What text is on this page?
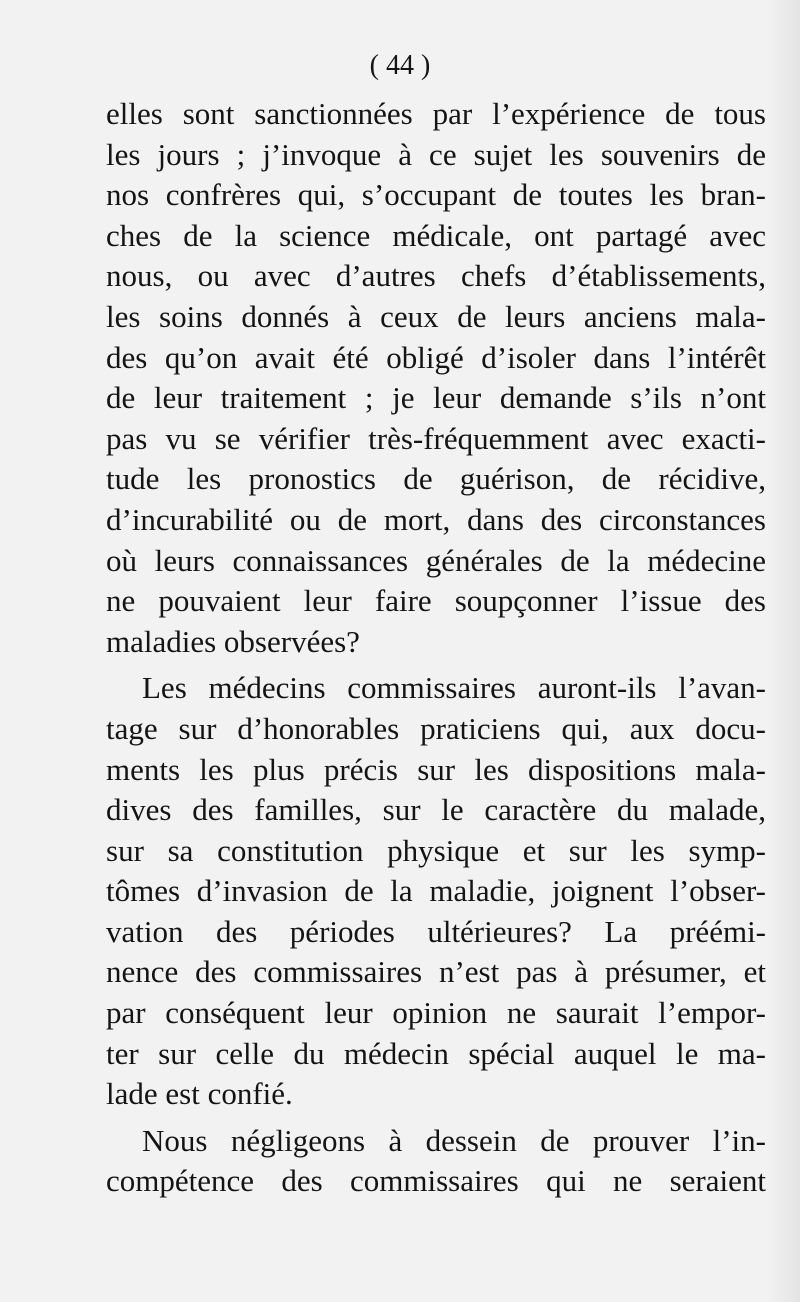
( 44 )
elles sont sanctionnées par l’expérience de tous
les jours ; j’invoque à ce sujet les souvenirs de
nos confrères qui, s’occupant de toutes les bran-
ches de la science médicale, ont partagé avec
nous, ou avec d’autres chefs d’établissements,
les soins donnés à ceux de leurs anciens mala-
des qu’on avait été obligé d’isoler dans l’intérêt
de leur traitement ; je leur demande s’ils n’ont
pas vu se vérifier très-fréquemment avec exacti-
tude les pronostics de guérison, de récidive,
d’incurabilité ou de mort, dans des circonstances
où leurs connaissances générales de la médecine
ne pouvaient leur faire soupçonner l’issue des
maladies observées?
Les médecins commissaires auront-ils l’avan-
tage sur d’honorables praticiens qui, aux docu-
ments les plus précis sur les dispositions mala-
dives des familles, sur le caractère du malade,
sur sa constitution physique et sur les symp-
tômes d’invasion de la maladie, joignent l’obser-
vation des périodes ultérieures? La préémi-
nence des commissaires n’est pas à présumer, et
par conséquent leur opinion ne saurait l’empor-
ter sur celle du médecin spécial auquel le ma-
lade est confié.
Nous négligeons à dessein de prouver l’in-
compétence des commissaires qui ne seraient
